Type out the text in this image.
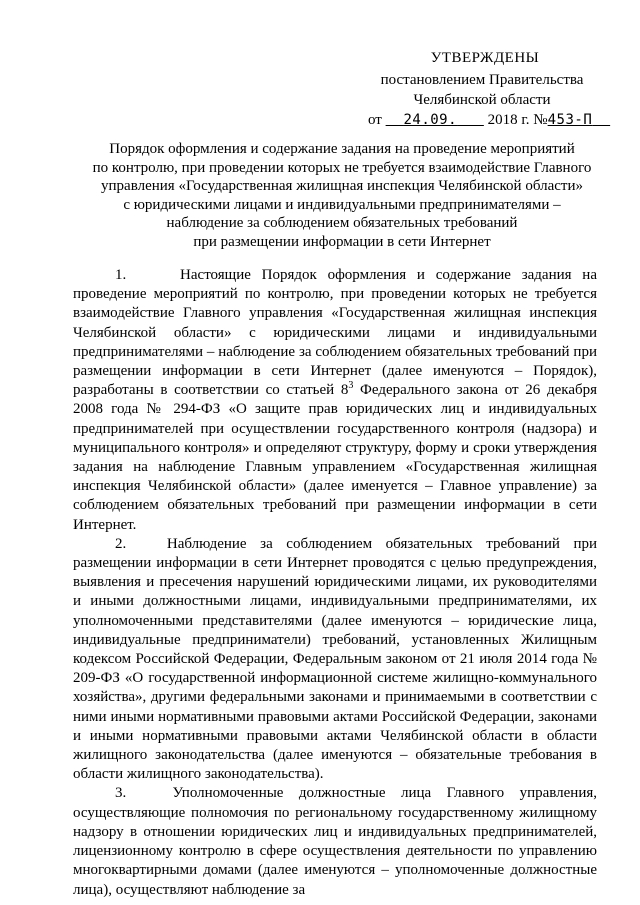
УТВЕРЖДЕНЫ
постановлением Правительства
Челябинской области
от 24.09. 2018 г. №453-П
Порядок оформления и содержание задания на проведение мероприятий
по контролю, при проведении которых не требуется взаимодействие Главного
управления «Государственная жилищная инспекция Челябинской области»
с юридическими лицами и индивидуальными предпринимателями –
наблюдение за соблюдением обязательных требований
при размещении информации в сети Интернет

1.     Настоящие Порядок оформления и содержание задания на проведение мероприятий по контролю, при проведении которых не требуется взаимодействие Главного управления «Государственная жилищная инспекция Челябинской области» с юридическими лицами и индивидуальными предпринимателями – наблюдение за соблюдением обязательных требований при размещении информации в сети Интернет (далее именуются – Порядок), разработаны в соответствии со статьей $8^3$ Федерального закона от 26 декабря 2008 года № 294-ФЗ «О защите прав юридических лиц и индивидуальных предпринимателей при осуществлении государственного контроля (надзора) и муниципального контроля» и определяют структуру, форму и сроки утверждения задания на наблюдение Главным управлением «Государственная жилищная инспекция Челябинской области» (далее именуется – Главное управление) за соблюдением обязательных требований при размещении информации в сети Интернет.

2.   Наблюдение за соблюдением обязательных требований при размещении информации в сети Интернет проводятся с целью предупреждения, выявления и пресечения нарушений юридическими лицами, их руководителями и иными должностными лицами, индивидуальными предпринимателями, их уполномоченными представителями (далее именуются – юридические лица, индивидуальные предприниматели) требований, установленных Жилищным кодексом Российской Федерации, Федеральным законом от 21 июля 2014 года № 209-ФЗ «О государственной информационной системе жилищно-коммунального хозяйства», другими федеральными законами и принимаемыми в соответствии с ними иными нормативными правовыми актами Российской Федерации, законами и иными нормативными правовыми актами Челябинской области в области жилищного законодательства (далее именуются – обязательные требования в области жилищного законодательства).

3.   Уполномоченные должностные лица Главного управления, осуществляющие полномочия по региональному государственному жилищному надзору в отношении юридических лиц и индивидуальных предпринимателей, лицензионному контролю в сфере осуществления деятельности по управлению многоквартирными домами (далее именуются – уполномоченные должностные лица), осуществляют наблюдение за
